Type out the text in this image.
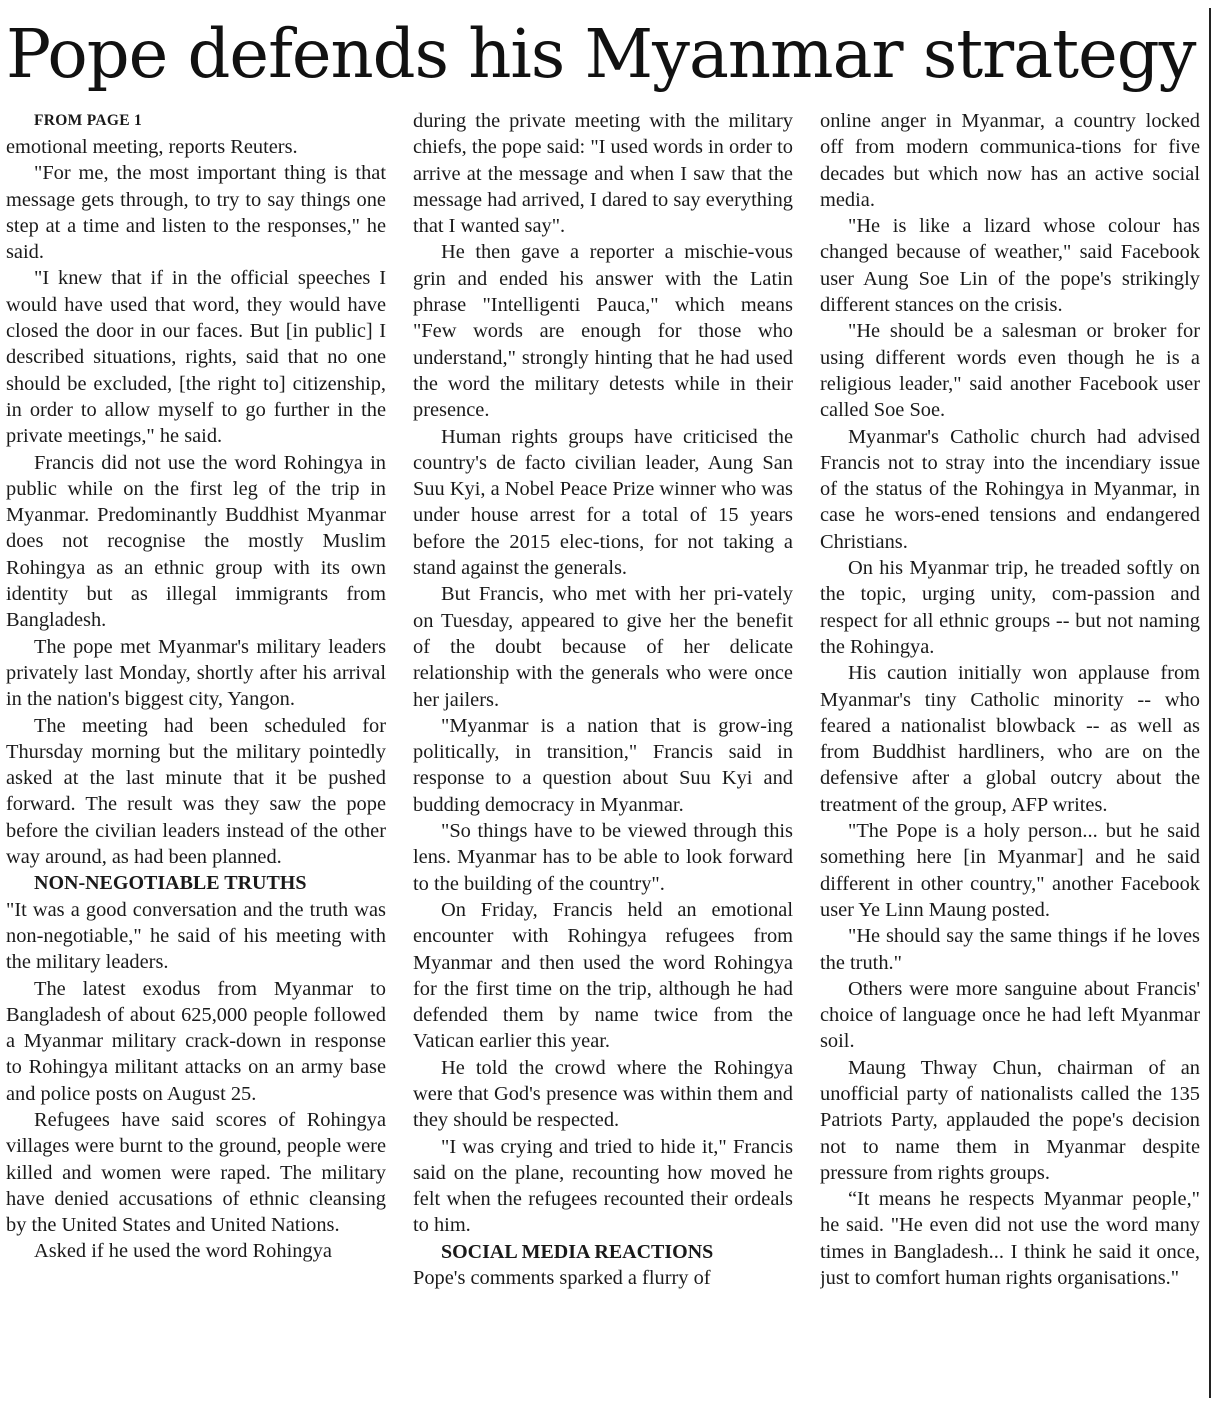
Pope defends his Myanmar strategy

FROM PAGE 1

emotional meeting, reports Reuters.

"For me, the most important thing is that message gets through, to try to say things one step at a time and listen to the responses," he said.

"I knew that if in the official speeches I would have used that word, they would have closed the door in our faces. But [in public] I described situations, rights, said that no one should be excluded, [the right to] citizenship, in order to allow myself to go further in the private meetings," he said.

Francis did not use the word Rohingya in public while on the first leg of the trip in Myanmar. Predominantly Buddhist Myanmar does not recognise the mostly Muslim Rohingya as an ethnic group with its own identity but as illegal immigrants from Bangladesh.

The pope met Myanmar's military leaders privately last Monday, shortly after his arrival in the nation's biggest city, Yangon.

The meeting had been scheduled for Thursday morning but the military pointedly asked at the last minute that it be pushed forward. The result was they saw the pope before the civilian leaders instead of the other way around, as had been planned.

NON-NEGOTIABLE TRUTHS

"It was a good conversation and the truth was non-negotiable," he said of his meeting with the military leaders.

The latest exodus from Myanmar to Bangladesh of about 625,000 people followed a Myanmar military crack-down in response to Rohingya militant attacks on an army base and police posts on August 25.

Refugees have said scores of Rohingya villages were burnt to the ground, people were killed and women were raped. The military have denied accusations of ethnic cleansing by the United States and United Nations.

Asked if he used the word Rohingya

during the private meeting with the military chiefs, the pope said: "I used words in order to arrive at the message and when I saw that the message had arrived, I dared to say everything that I wanted say".

He then gave a reporter a mischie-vous grin and ended his answer with the Latin phrase "Intelligenti Pauca," which means "Few words are enough for those who understand," strongly hinting that he had used the word the military detests while in their presence.

Human rights groups have criticised the country's de facto civilian leader, Aung San Suu Kyi, a Nobel Peace Prize winner who was under house arrest for a total of 15 years before the 2015 elec-tions, for not taking a stand against the generals.

But Francis, who met with her pri-vately on Tuesday, appeared to give her the benefit of the doubt because of her delicate relationship with the generals who were once her jailers.

"Myanmar is a nation that is grow-ing politically, in transition," Francis said in response to a question about Suu Kyi and budding democracy in Myanmar.

"So things have to be viewed through this lens. Myanmar has to be able to look forward to the building of the country".

On Friday, Francis held an emotional encounter with Rohingya refugees from Myanmar and then used the word Rohingya for the first time on the trip, although he had defended them by name twice from the Vatican earlier this year.

He told the crowd where the Rohingya were that God's presence was within them and they should be respected.

"I was crying and tried to hide it," Francis said on the plane, recounting how moved he felt when the refugees recounted their ordeals to him.

SOCIAL MEDIA REACTIONS

Pope's comments sparked a flurry of

online anger in Myanmar, a country locked off from modern communica-tions for five decades but which now has an active social media.

"He is like a lizard whose colour has changed because of weather," said Facebook user Aung Soe Lin of the pope's strikingly different stances on the crisis.

"He should be a salesman or broker for using different words even though he is a religious leader," said another Facebook user called Soe Soe.

Myanmar's Catholic church had advised Francis not to stray into the incendiary issue of the status of the Rohingya in Myanmar, in case he wors-ened tensions and endangered Christians.

On his Myanmar trip, he treaded softly on the topic, urging unity, com-passion and respect for all ethnic groups -- but not naming the Rohingya.

His caution initially won applause from Myanmar's tiny Catholic minority -- who feared a nationalist blowback -- as well as from Buddhist hardliners, who are on the defensive after a global outcry about the treatment of the group, AFP writes.

"The Pope is a holy person... but he said something here [in Myanmar] and he said different in other country," another Facebook user Ye Linn Maung posted.

"He should say the same things if he loves the truth."

Others were more sanguine about Francis' choice of language once he had left Myanmar soil.

Maung Thway Chun, chairman of an unofficial party of nationalists called the 135 Patriots Party, applauded the pope's decision not to name them in Myanmar despite pressure from rights groups.

“It means he respects Myanmar people," he said. "He even did not use the word many times in Bangladesh... I think he said it once, just to comfort human rights organisations."
